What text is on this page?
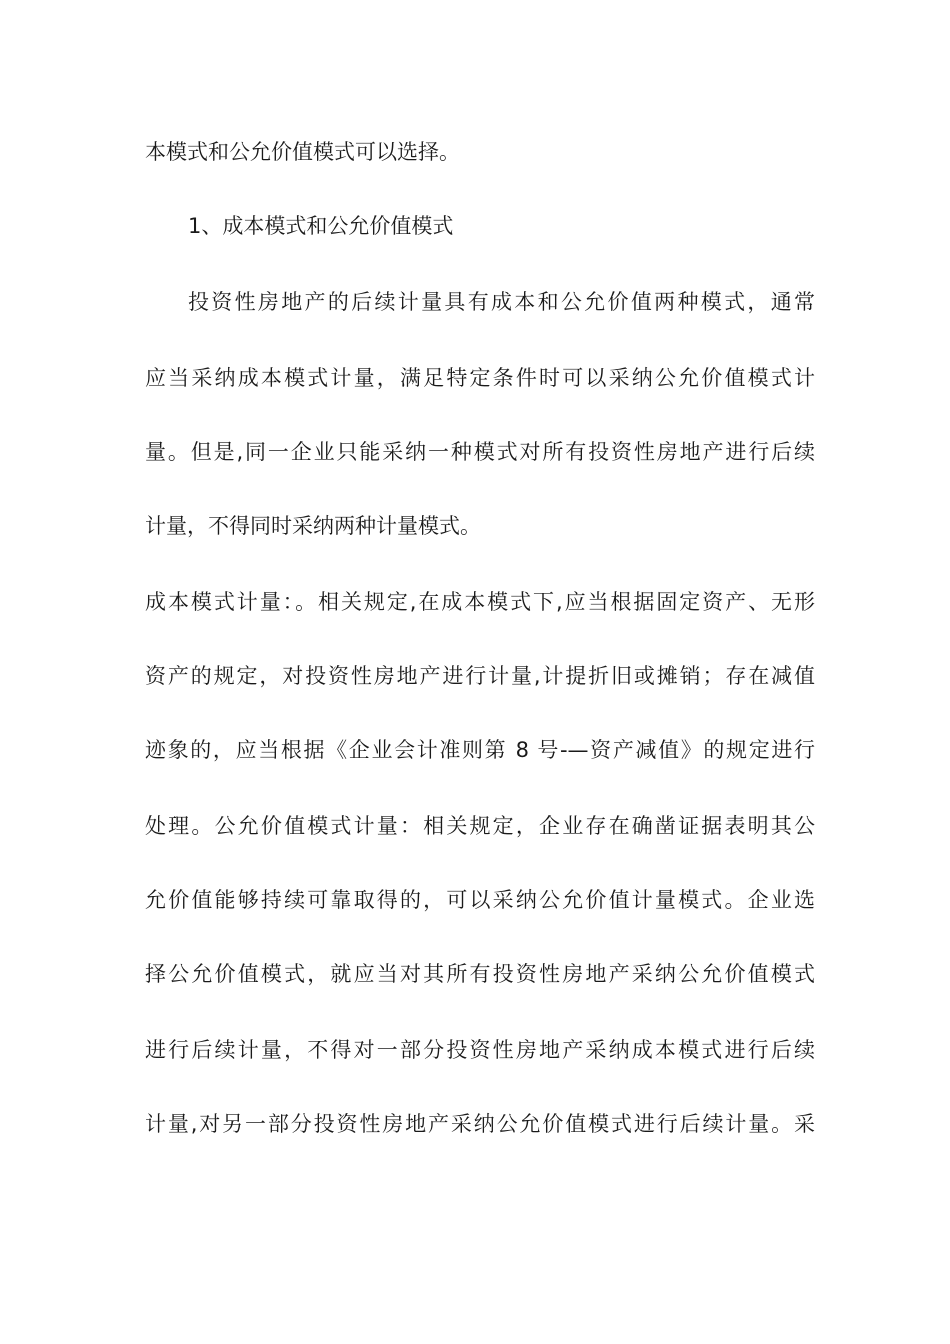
本模式和公允价值模式可以选择。
1、成本模式和公允价值模式
投资性房地产的后续计量具有成本和公允价值两种模式，通常
应当采纳成本模式计量，满足特定条件时可以采纳公允价值模式计
量。但是,同一企业只能采纳一种模式对所有投资性房地产进行后续
计量，不得同时采纳两种计量模式。
成本模式计量：。相关规定,在成本模式下,应当根据固定资产、无形
资产的规定，对投资性房地产进行计量,计提折旧或摊销；存在减值
迹象的，应当根据《企业会计准则第 8 号-—资产减值》的规定进行
处理。公允价值模式计量：相关规定，企业存在确凿证据表明其公
允价值能够持续可靠取得的，可以采纳公允价值计量模式。企业选
择公允价值模式，就应当对其所有投资性房地产采纳公允价值模式
进行后续计量，不得对一部分投资性房地产采纳成本模式进行后续
计量,对另一部分投资性房地产采纳公允价值模式进行后续计量。采
